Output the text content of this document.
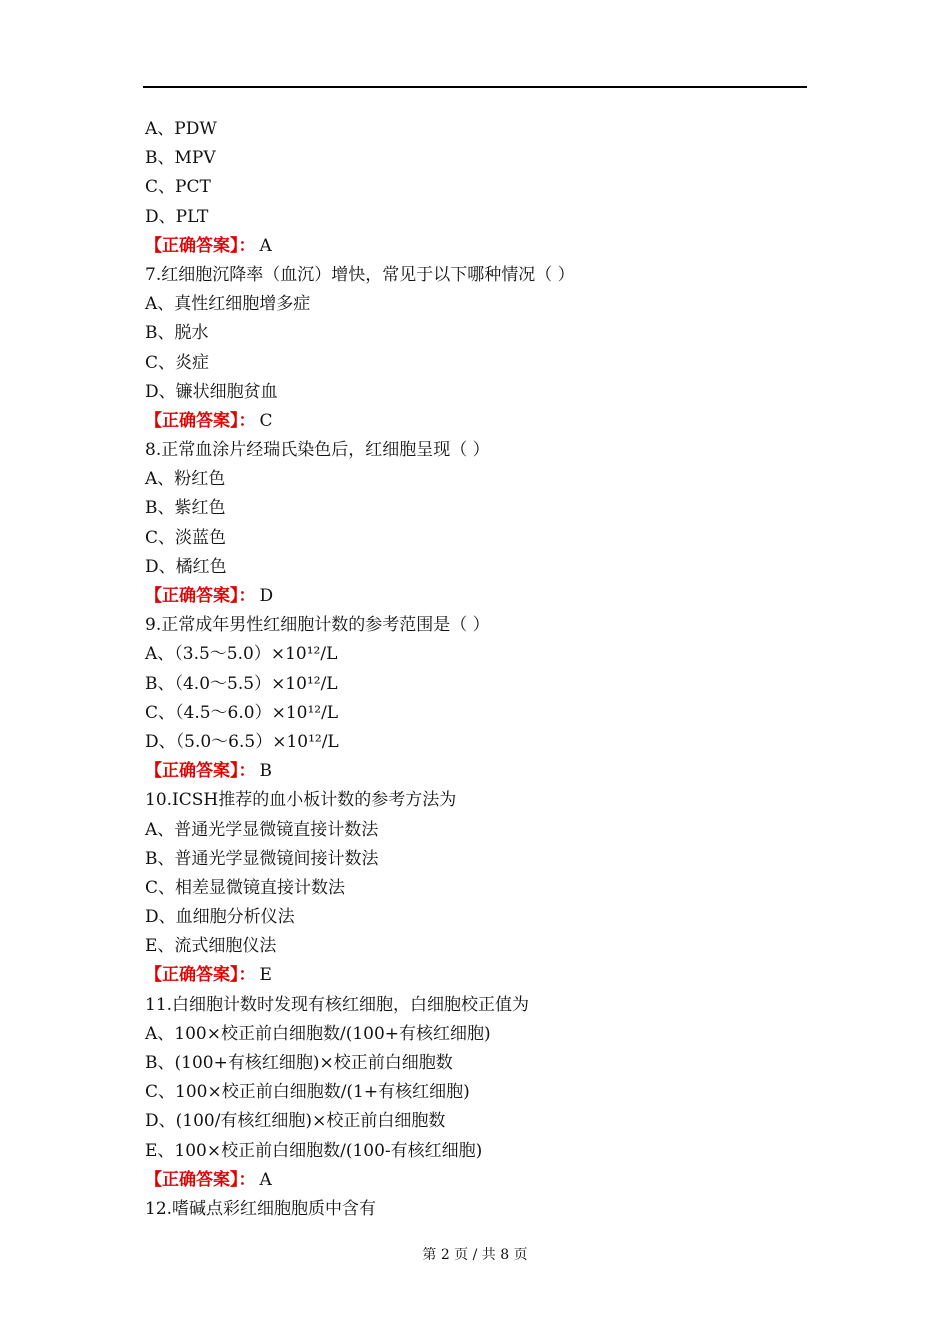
A、PDW
B、MPV
C、PCT
D、PLT
【正确答案】： A
7.红细胞沉降率（血沉）增快，常见于以下哪种情况（ ）
A、真性红细胞增多症
B、脱水
C、炎症
D、镰状细胞贫血
【正确答案】： C
8.正常血涂片经瑞氏染色后，红细胞呈现（ ）
A、粉红色
B、紫红色
C、淡蓝色
D、橘红色
【正确答案】： D
9.正常成年男性红细胞计数的参考范围是（ ）
A、（3.5～5.0）×10¹²/L
B、（4.0～5.5）×10¹²/L
C、（4.5～6.0）×10¹²/L
D、（5.0～6.5）×10¹²/L
【正确答案】： B
10.ICSH推荐的血小板计数的参考方法为
A、普通光学显微镜直接计数法
B、普通光学显微镜间接计数法
C、相差显微镜直接计数法
D、血细胞分析仪法
E、流式细胞仪法
【正确答案】： E
11.白细胞计数时发现有核红细胞，白细胞校正值为
A、100×校正前白细胞数/(100+有核红细胞)
B、(100+有核红细胞)×校正前白细胞数
C、100×校正前白细胞数/(1+有核红细胞)
D、(100/有核红细胞)×校正前白细胞数
E、100×校正前白细胞数/(100-有核红细胞)
【正确答案】： A
12.嗜碱点彩红细胞胞质中含有
第 2 页 / 共 8 页
